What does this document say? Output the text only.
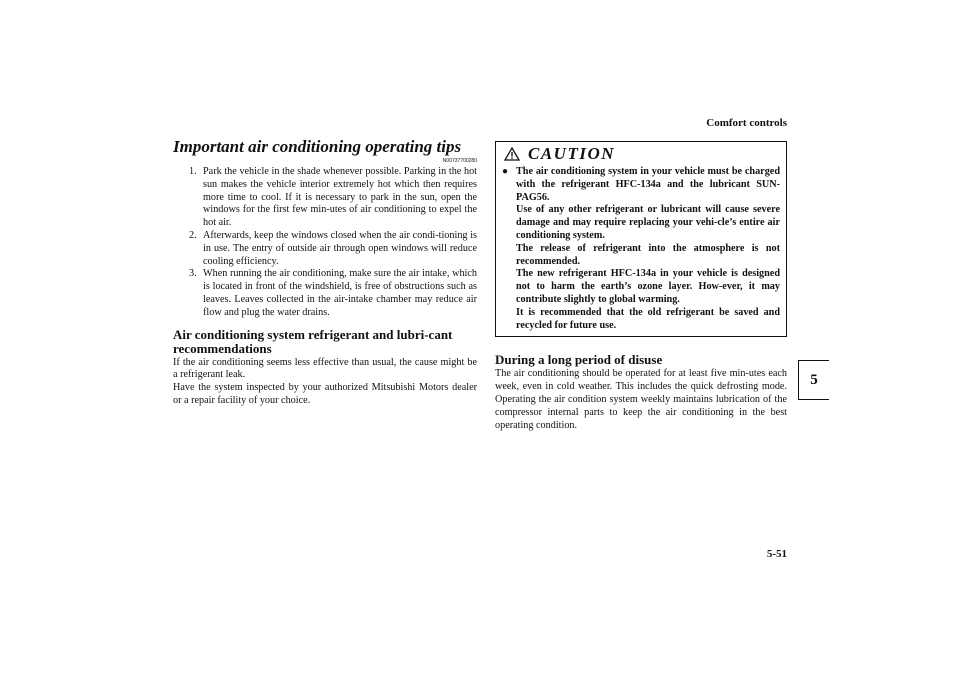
Comfort controls
5
5-51
Important air conditioning operating tips
N00737700280
1. Park the vehicle in the shade whenever possible. Parking in the hot sun makes the vehicle interior extremely hot which then requires more time to cool. If it is necessary to park in the sun, open the windows for the first few min-utes of air conditioning to expel the hot air.
2. Afterwards, keep the windows closed when the air condi-tioning is in use. The entry of outside air through open windows will reduce cooling efficiency.
3. When running the air conditioning, make sure the air intake, which is located in front of the windshield, is free of obstructions such as leaves. Leaves collected in the air-intake chamber may reduce air flow and plug the water drains.
Air conditioning system refrigerant and lubri-cant recommendations

If the air conditioning seems less effective than usual, the cause might be a refrigerant leak.

Have the system inspected by your authorized Mitsubishi Motors dealer or a repair facility of your choice.

CAUTION
● The air conditioning system in your vehicle must be charged with the refrigerant HFC-134a and the lubricant SUN-PAG56.

Use of any other refrigerant or lubricant will cause severe damage and may require replacing your vehi-cle’s entire air conditioning system.

The release of refrigerant into the atmosphere is not recommended.

The new refrigerant HFC-134a in your vehicle is designed not to harm the earth’s ozone layer. How-ever, it may contribute slightly to global warming.

It is recommended that the old refrigerant be saved and recycled for future use.

During a long period of disuse

The air conditioning should be operated for at least five min-utes each week, even in cold weather. This includes the quick defrosting mode. Operating the air condition system weekly maintains lubrication of the compressor internal parts to keep the air conditioning in the best operating condition.
